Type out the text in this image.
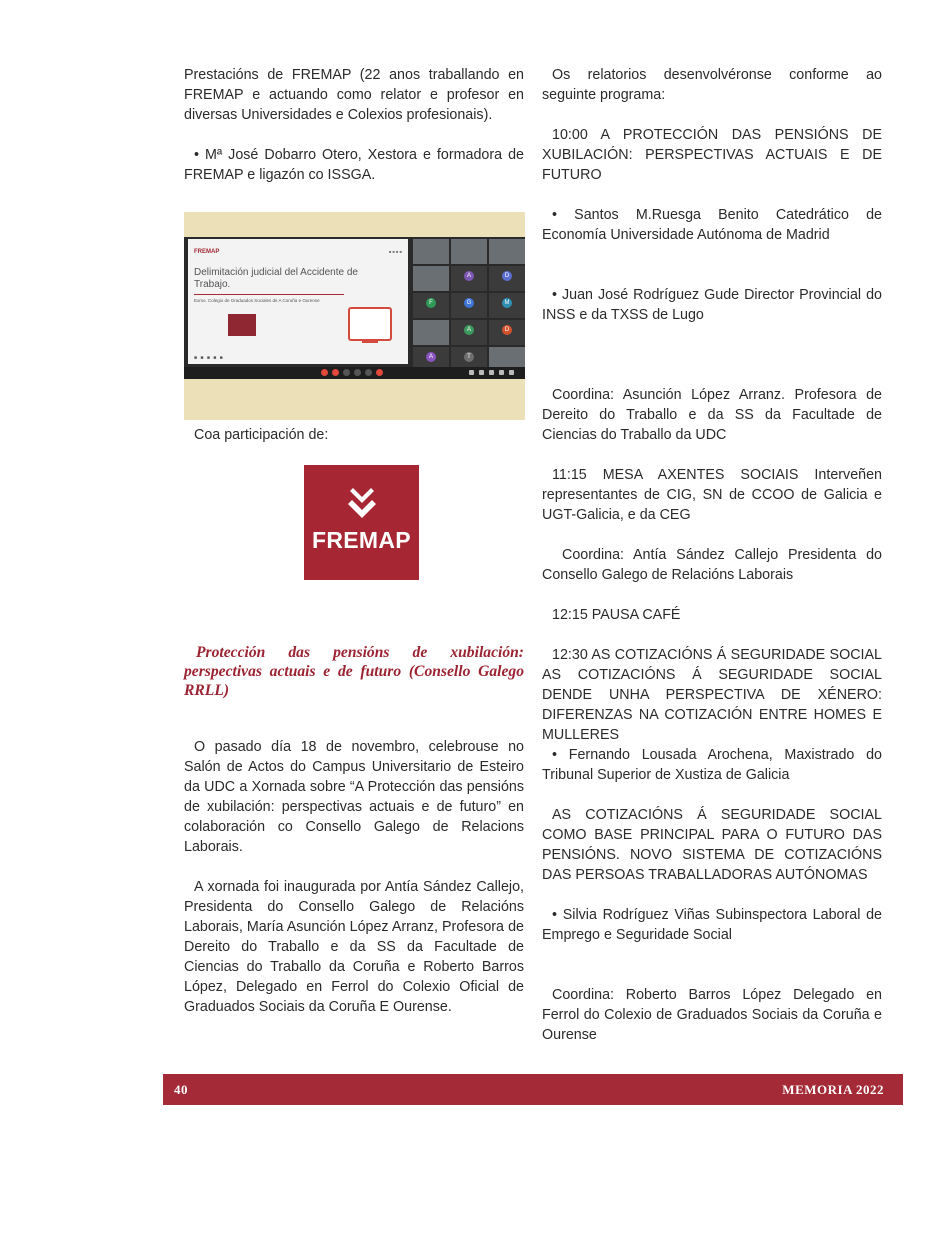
Prestacións de FREMAP (22 anos traballando en FREMAP e actuando como relator e profesor en diversas Universidades e Colexios profesionais).

• Mª José Dobarro Otero, Xestora e formadora de FREMAP e ligazón co ISSGA.

Coa participación de:

FREMAP	■ ■ ■ ■
Delimitación judicial del Accidente de Trabajo.
Exmo. Colegio de Graduados Sociales de A Coruña e Ourense
■ ■ ■ ■ ■
A	D
F	G	M
A	D
A	T
FREMAP
Protección das pensións de xubilación: perspectivas actuais e de futuro (Consello Galego RRLL)

O pasado día 18 de novembro, celebrouse no Salón de Actos do Campus Universitario de Esteiro da UDC a Xornada sobre “A Protección das pensións de xubilación: perspectivas actuais e de futuro” en colaboración co Consello Galego de Relacions Laborais.

A xornada foi inaugurada por Antía Sández Callejo, Presidenta do Consello Galego de Relacións Laborais, María Asunción López Arranz, Profesora de Dereito do Traballo e da SS da Facultade de Ciencias do Traballo da Coruña e Roberto Barros López, Delegado en Ferrol do Colexio Oficial de Graduados Sociais da Coruña E Ourense.

Os relatorios desenvolvéronse conforme ao seguinte programa:

10:00 A PROTECCIÓN DAS PENSIÓNS DE XUBILACIÓN: PERSPECTIVAS ACTUAIS E DE FUTURO

• Santos M.Ruesga Benito Catedrático de Economía Universidade Autónoma de Madrid

• Juan José Rodríguez Gude Director Provincial do INSS e da TXSS de Lugo

Coordina: Asunción López Arranz. Profesora de Dereito do Traballo e da SS da Facultade de Ciencias do Traballo da UDC

11:15 MESA AXENTES SOCIAIS Interveñen representantes de CIG, SN de CCOO de Galicia e UGT-Galicia, e da CEG

Coordina: Antía Sández Callejo Presidenta do Consello Galego de Relacións Laborais

12:15 PAUSA CAFÉ

12:30 AS COTIZACIÓNS Á SEGURIDADE SOCIAL AS COTIZACIÓNS Á SEGURIDADE SOCIAL DENDE UNHA PERSPECTIVA DE XÉNERO: DIFERENZAS NA COTIZACIÓN ENTRE HOMES E MULLERES

• Fernando Lousada Arochena, Maxistrado do Tribunal Superior de Xustiza de Galicia

AS COTIZACIÓNS Á SEGURIDADE SOCIAL COMO BASE PRINCIPAL PARA O FUTURO DAS PENSIÓNS. NOVO SISTEMA DE COTIZACIÓNS DAS PERSOAS TRABALLADORAS AUTÓNOMAS

• Silvia Rodríguez Viñas Subinspectora Laboral de Emprego e Seguridade Social

Coordina: Roberto Barros López Delegado en Ferrol do Colexio de Graduados Sociais da Coruña e Ourense

40	MEMORIA 2022
